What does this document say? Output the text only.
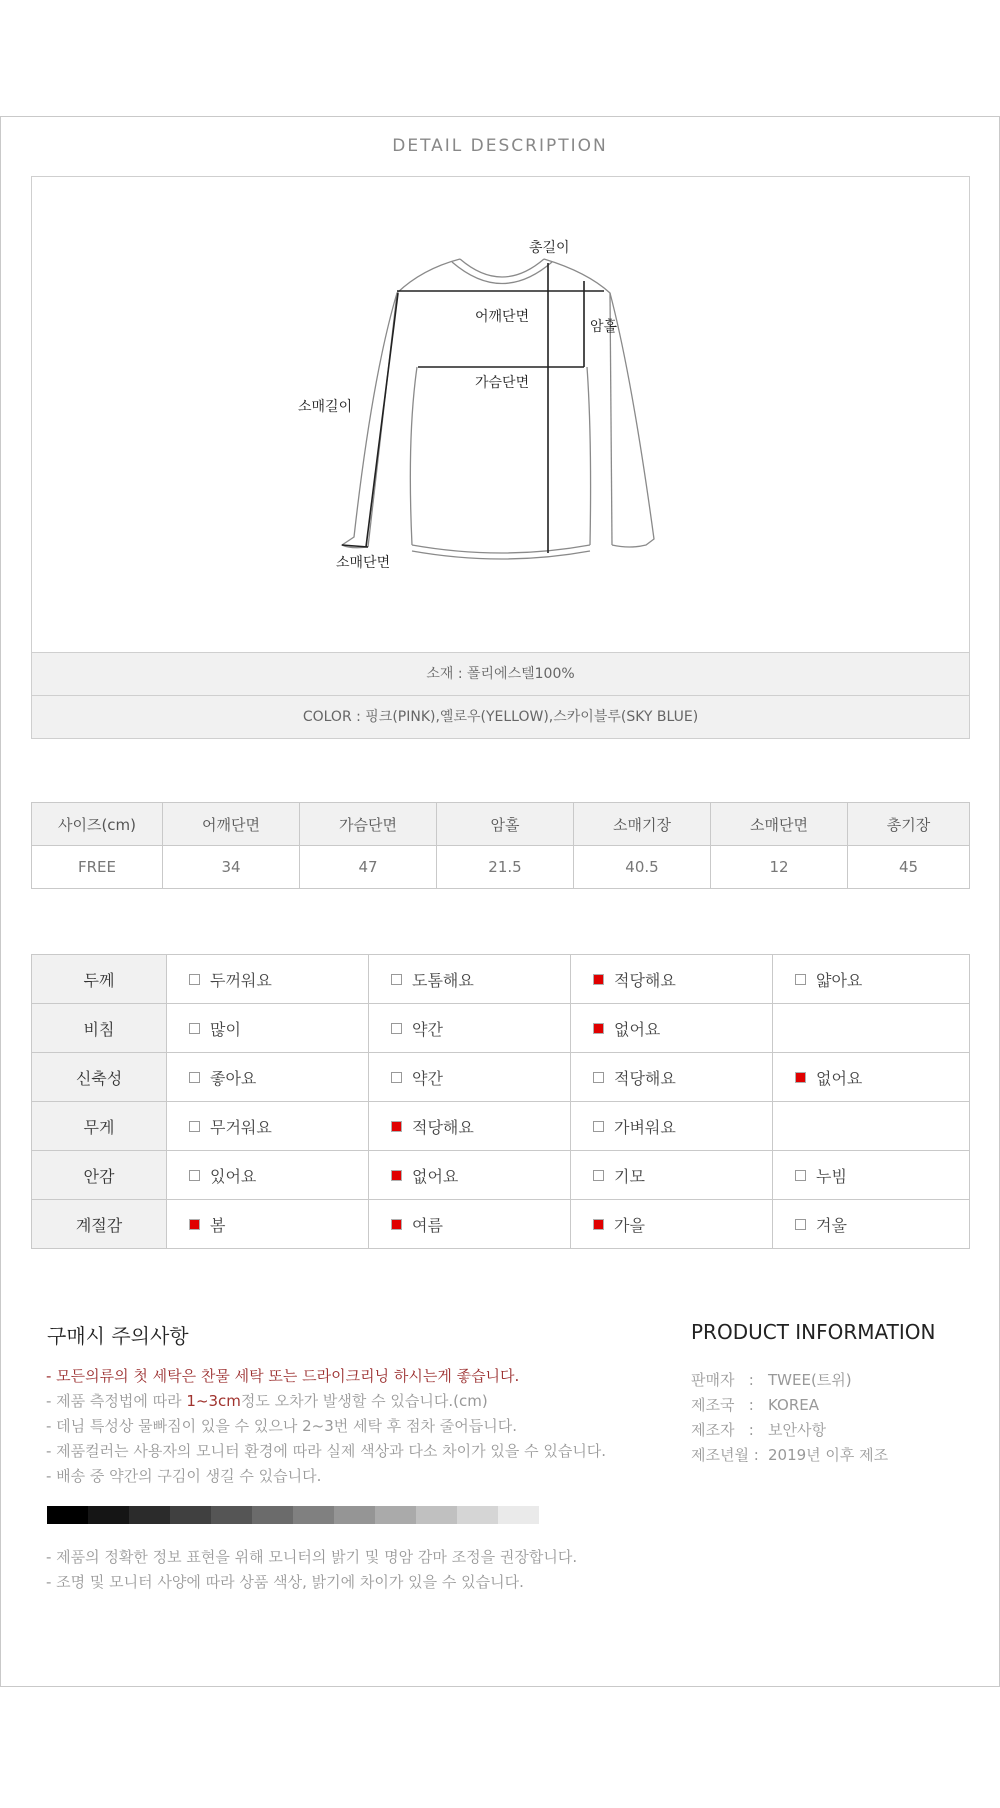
DETAIL DESCRIPTION
총길이
어깨단면
암홀
가슴단면
소매길이
소매단면
소재 : 폴리에스텔100%
COLOR : 핑크(PINK),옐로우(YELLOW),스카이블루(SKY BLUE)
사이즈(cm)	어깨단면	가슴단면	암홀	소매기장	소매단면	총기장
FREE	34	47	21.5	40.5	12	45
두께	두꺼워요	도톰해요	적당해요	얇아요
비침	많이	약간	없어요	
신축성	좋아요	약간	적당해요	없어요
무게	무거워요	적당해요	가벼워요	
안감	있어요	없어요	기모	누빔
계절감	봄	여름	가을	겨울
구매시 주의사항
- 모든의류의 첫 세탁은 찬물 세탁 또는 드라이크리닝 하시는게 좋습니다.
- 제품 측정법에 따라 1~3cm정도 오차가 발생할 수 있습니다.(cm)
- 데님 특성상 물빠짐이 있을 수 있으나 2~3번 세탁 후 점차 줄어듭니다.
- 제품컬러는 사용자의 모니터 환경에 따라 실제 색상과 다소 차이가 있을 수 있습니다.
- 배송 중 약간의 구김이 생길 수 있습니다.
- 제품의 정확한 정보 표현을 위해 모니터의 밝기 및 명암 감마 조정을 권장합니다.
- 조명 및 모니터 사양에 따라 상품 색상, 밝기에 차이가 있을 수 있습니다.
PRODUCT INFORMATION
판매자   : TWEE(트위)
제조국   : KOREA
제조자   : 보안사항
제조년월 : 2019년 이후 제조
